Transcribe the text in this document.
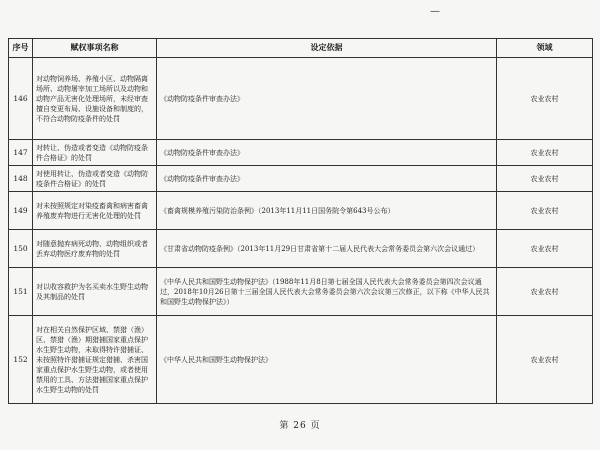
—
序号	赋权事项名称	设定依据	领域
146	对动物饲养场、养殖小区、动物隔离场所、动物屠宰加工场所以及动物和动物产品无害化处理场所，未经审查擅自变更布局、设施设备和制度的，不符合动物防疫条件的处罚	《动物防疫条件审查办法》	农业农村
147	对转让、伪造或者变造《动物防疫条件合格证》的处罚	《动物防疫条件审查办法》	农业农村
148	对使用转让、伪造或者变造《动物防疫条件合格证》的处罚	《动物防疫条件审查办法》	农业农村
149	对未按照规定对染疫畜禽和病害畜禽养殖废弃物进行无害化处理的处罚	《畜禽规模养殖污染防治条例》（2013年11月11日国务院令第643号公布）	农业农村
150	对随意抛弃病死动物、动物组织或者丢弃动物医疗废弃物的处罚	《甘肃省动物防疫条例》（2013年11月29日甘肃省第十二届人民代表大会常务委员会第六次会议通过）	农业农村
151	对以收容救护为名买卖水生野生动物及其制品的处罚	《中华人民共和国野生动物保护法》（1988年11月8日第七届全国人民代表大会常务委员会第四次会议通过，2018年10月26日第十三届全国人民代表大会常务委员会第六次会议第三次修正，以下称《中华人民共和国野生动物保护法》）	农业农村
152	对在相关自然保护区域、禁猎（渔）区、禁猎（渔）期猎捕国家重点保护水生野生动物，未取得特许猎捕证、未按照特许猎捕证规定猎捕、杀害国家重点保护水生野生动物，或者使用禁用的工具、方法猎捕国家重点保护水生野生动物的处罚	《中华人民共和国野生动物保护法》	农业农村
第 26 页
